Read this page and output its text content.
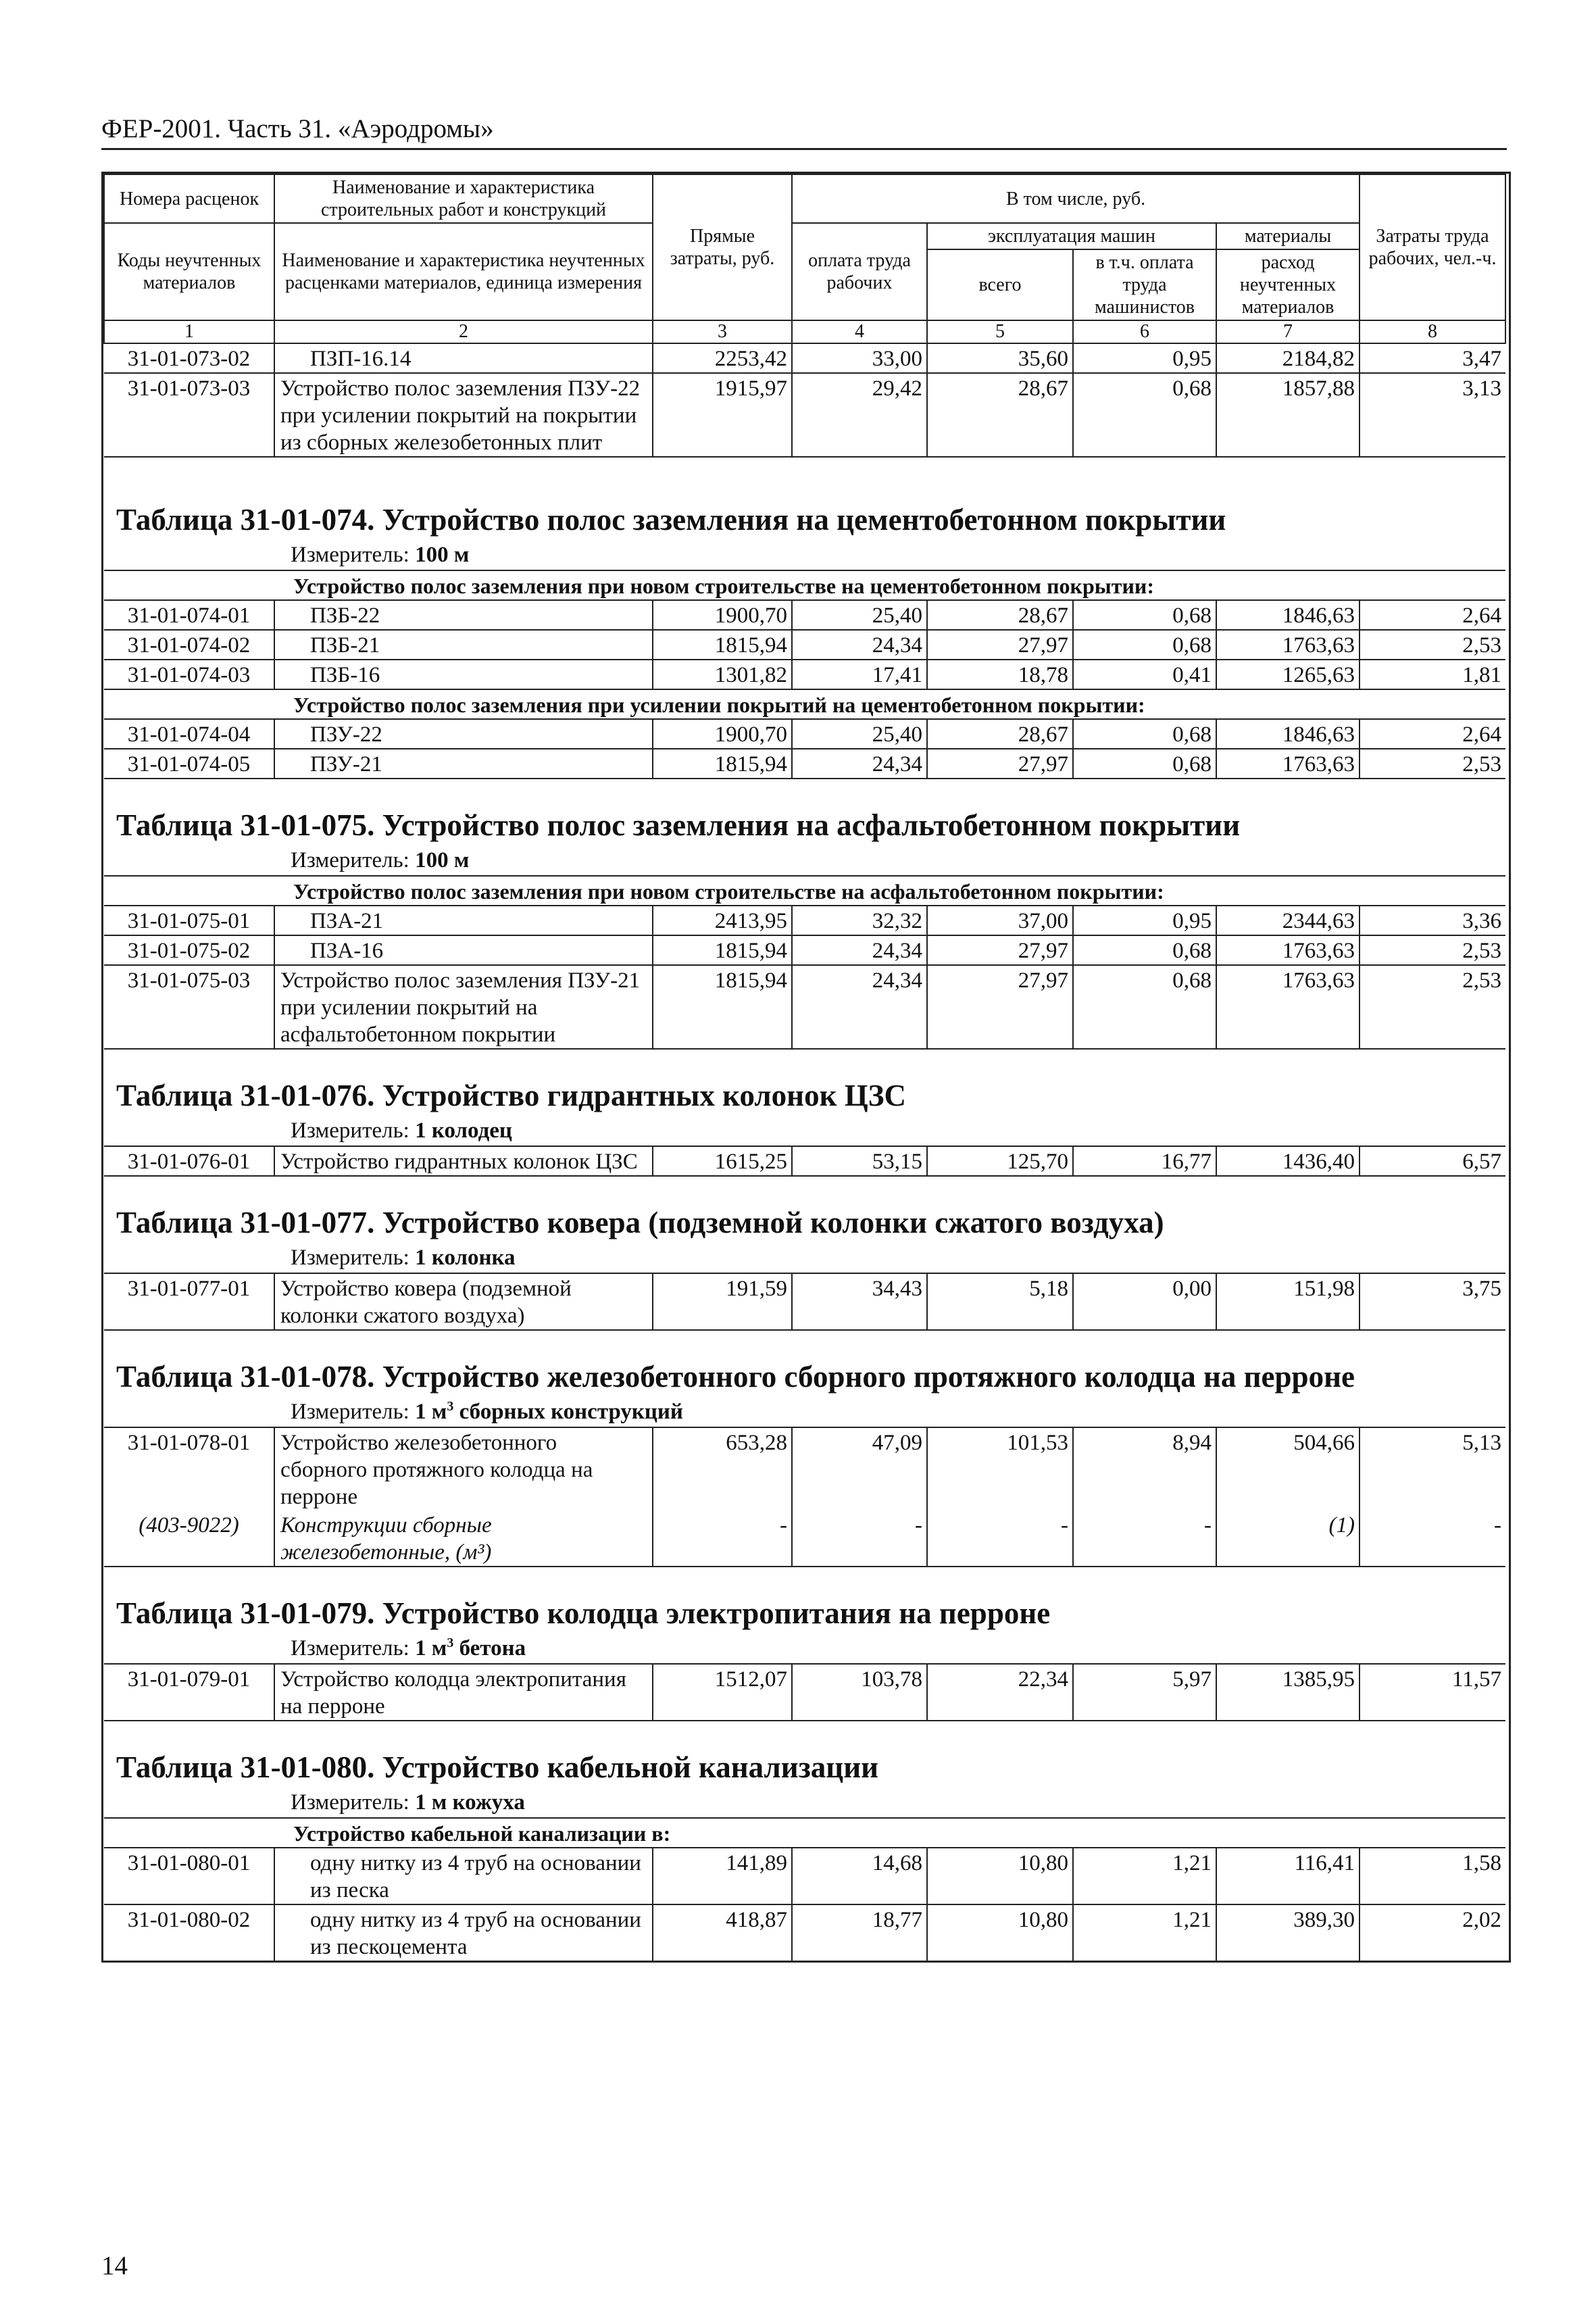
ФЕР-2001. Часть 31. «Аэродромы»
Номера расценок	Наименование и характеристика строительных работ и конструкций	Прямые затраты, руб.	В том числе, руб.				Затраты труда рабочих, чел.-ч.
Коды неучтенных материалов	Наименование и характеристика неучтенных расценками материалов, единица измерения		оплата труда рабочих	эксплуатация машин		материалы	
				всего	в т.ч. оплата труда машинистов	расход неучтенных материалов	
1	2	3	4	5	6	7	8
31-01-073-02	ПЗП-16.14	2253,42	33,00	35,60	0,95	2184,82	3,47
31-01-073-03	Устройство полос заземления ПЗУ-22 при усилении покрытий на покрытии из сборных железобетонных плит	1915,97	29,42	28,67	0,68	1857,88	3,13

Таблица 31-01-074. Устройство полос заземления на цементобетонном покрытии							
Измеритель: 100 м							
Устройство полос заземления при новом строительстве на цементобетонном покрытии:							
31-01-074-01	ПЗБ-22	1900,70	25,40	28,67	0,68	1846,63	2,64
31-01-074-02	ПЗБ-21	1815,94	24,34	27,97	0,68	1763,63	2,53
31-01-074-03	ПЗБ-16	1301,82	17,41	18,78	0,41	1265,63	1,81
Устройство полос заземления при усилении покрытий на цементобетонном покрытии:							
31-01-074-04	ПЗУ-22	1900,70	25,40	28,67	0,68	1846,63	2,64
31-01-074-05	ПЗУ-21	1815,94	24,34	27,97	0,68	1763,63	2,53

Таблица 31-01-075. Устройство полос заземления на асфальтобетонном покрытии							
Измеритель: 100 м							
Устройство полос заземления при новом строительстве на асфальтобетонном покрытии:							
31-01-075-01	ПЗА-21	2413,95	32,32	37,00	0,95	2344,63	3,36
31-01-075-02	ПЗА-16	1815,94	24,34	27,97	0,68	1763,63	2,53
31-01-075-03	Устройство полос заземления ПЗУ-21 при усилении покрытий на асфальтобетонном покрытии	1815,94	24,34	27,97	0,68	1763,63	2,53

Таблица 31-01-076. Устройство гидрантных колонок ЦЗС							
Измеритель: 1 колодец							
31-01-076-01	Устройство гидрантных колонок ЦЗС	1615,25	53,15	125,70	16,77	1436,40	6,57

Таблица 31-01-077. Устройство ковера (подземной колонки сжатого воздуха)							
Измеритель: 1 колонка							
31-01-077-01	Устройство ковера (подземной колонки сжатого воздуха)	191,59	34,43	5,18	0,00	151,98	3,75

Таблица 31-01-078. Устройство железобетонного сборного протяжного колодца на перроне							
Измеритель: 1 $м^3$ сборных конструкций							
31-01-078-01	Устройство железобетонного сборного протяжного колодца на перроне	653,28	47,09	101,53	8,94	504,66	5,13
(403-9022)	Конструкции сборные железобетонные, (м³)	-	-	-	-	(1)	-

Таблица 31-01-079. Устройство колодца электропитания на перроне							
Измеритель: 1 $м^3$ бетона							
31-01-079-01	Устройство колодца электропитания на перроне	1512,07	103,78	22,34	5,97	1385,95	11,57

Таблица 31-01-080. Устройство кабельной канализации							
Измеритель: 1 м кожуха							
Устройство кабельной канализации в:							
31-01-080-01	одну нитку из 4 труб на основании из песка	141,89	14,68	10,80	1,21	116,41	1,58
31-01-080-02	одну нитку из 4 труб на основании из пескоцемента	418,87	18,77	10,80	1,21	389,30	2,02
14
